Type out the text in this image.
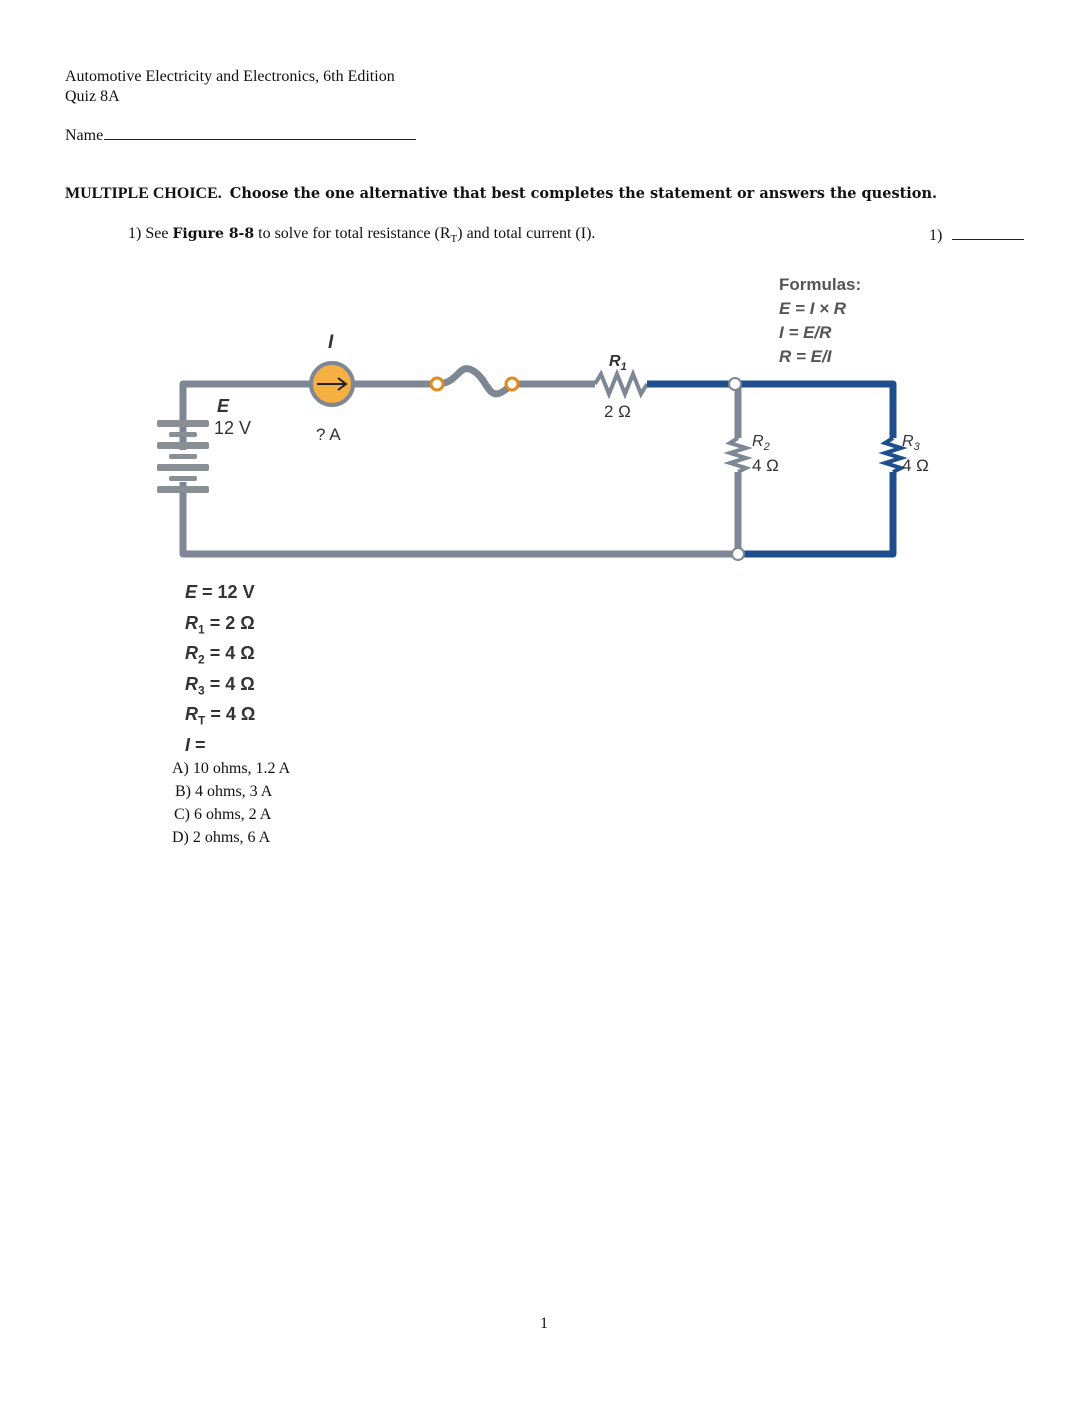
Automotive Electricity and Electronics, 6th Edition
Quiz 8A
Name
MULTIPLE CHOICE. Choose the one alternative that best completes the statement or answers the question.
1) See Figure 8-8 to solve for total resistance $(R_T)$ and total current (I).	1)
Formulas:
E = I × R
I = E/R
R = E/I
I
? A
E
12 V
$R_1$
2 Ω
$R_2$
4 Ω
$R_3$
4 Ω
E = 12 V
$R_1 = 2$ Ω
$R_2 = 4$ Ω
$R_3 = 4$ Ω
$R_T = 4$ Ω
I =
A) 10 ohms, 1.2 A
B) 4 ohms, 3 A
C) 6 ohms, 2 A
D) 2 ohms, 6 A
1
